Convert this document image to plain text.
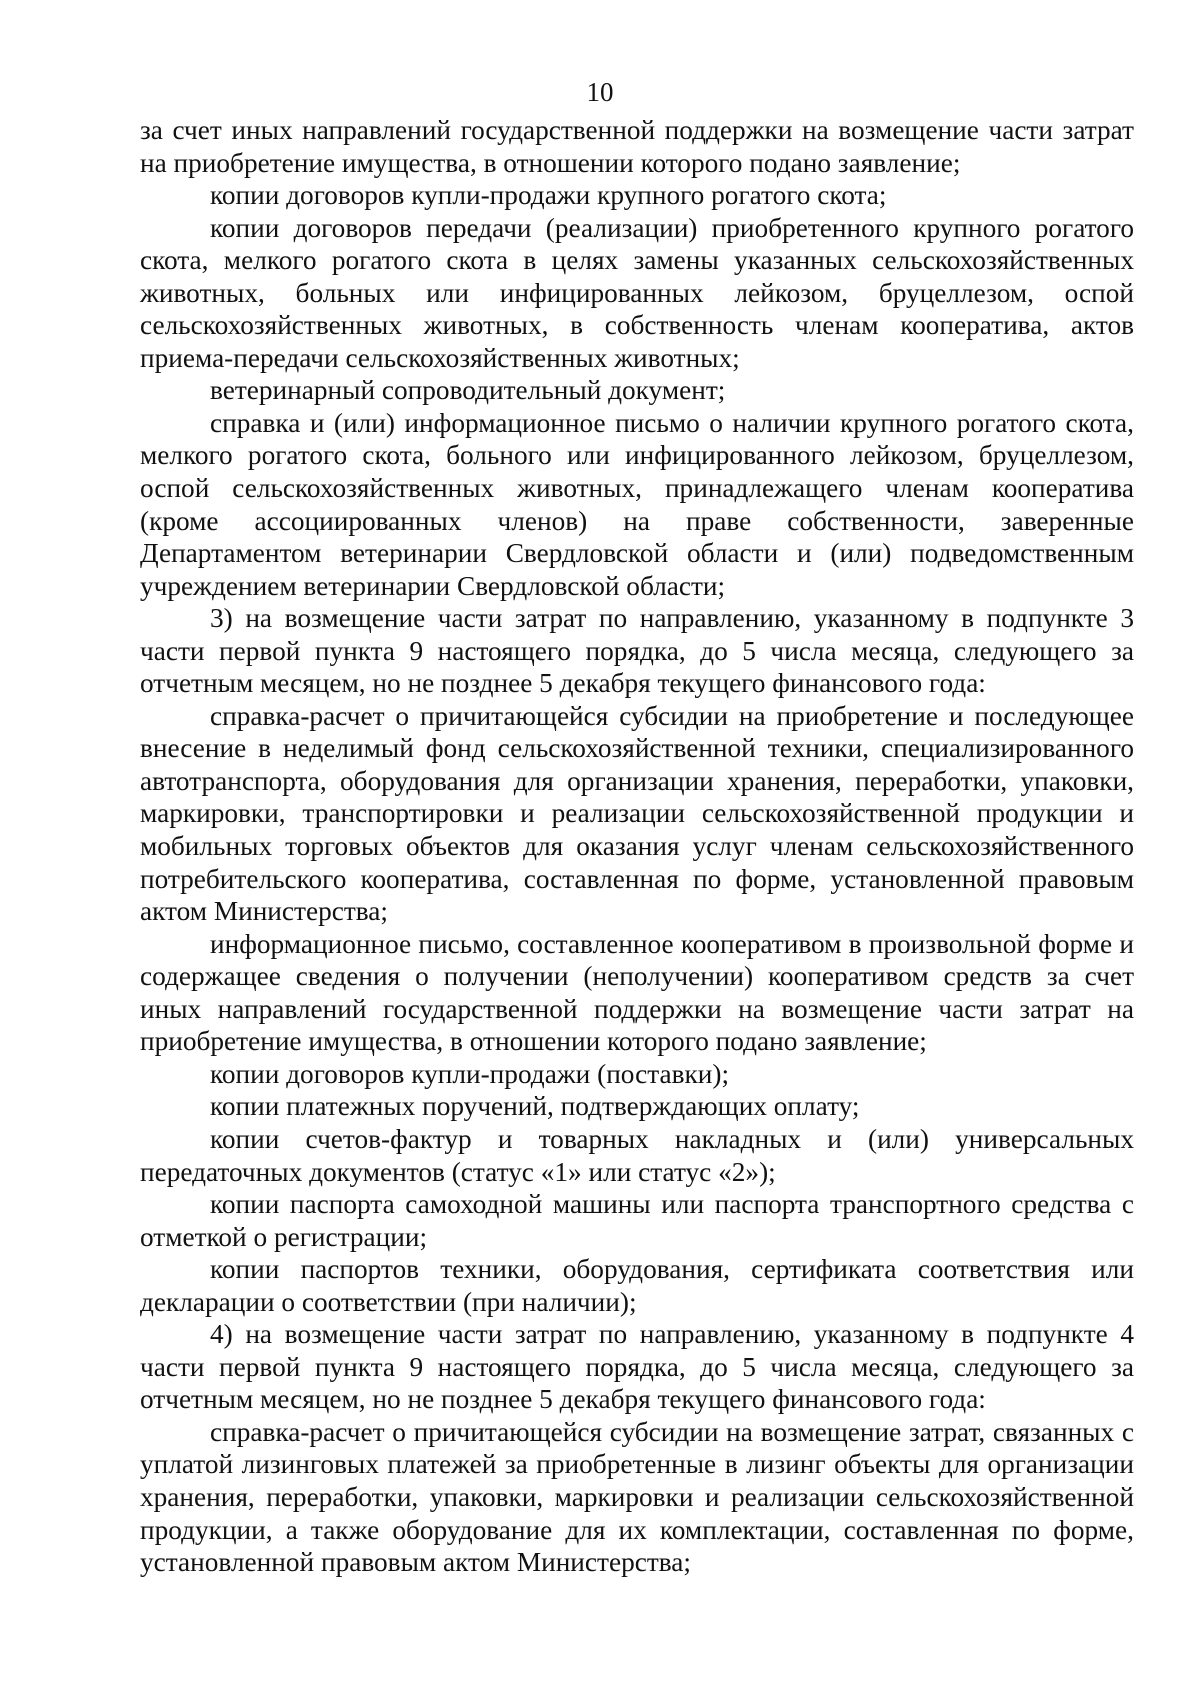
10

за счет иных направлений государственной поддержки на возмещение части затрат на приобретение имущества, в отношении которого подано заявление;

копии договоров купли-продажи крупного рогатого скота;

копии договоров передачи (реализации) приобретенного крупного рогатого скота, мелкого рогатого скота в целях замены указанных сельскохозяйственных животных, больных или инфицированных лейкозом, бруцеллезом, оспой сельскохозяйственных животных, в собственность членам кооператива, актов приема-передачи сельскохозяйственных животных;

ветеринарный сопроводительный документ;

справка и (или) информационное письмо о наличии крупного рогатого скота, мелкого рогатого скота, больного или инфицированного лейкозом, бруцеллезом, оспой сельскохозяйственных животных, принадлежащего членам кооператива (кроме ассоциированных членов) на праве собственности, заверенные Департаментом ветеринарии Свердловской области и (или) подведомственным учреждением ветеринарии Свердловской области;

3) на возмещение части затрат по направлению, указанному в подпункте 3 части первой пункта 9 настоящего порядка, до 5 числа месяца, следующего за отчетным месяцем, но не позднее 5 декабря текущего финансового года:

справка-расчет о причитающейся субсидии на приобретение и последующее внесение в неделимый фонд сельскохозяйственной техники, специализированного автотранспорта, оборудования для организации хранения, переработки, упаковки, маркировки, транспортировки и реализации сельскохозяйственной продукции и мобильных торговых объектов для оказания услуг членам сельскохозяйственного потребительского кооператива, составленная по форме, установленной правовым актом Министерства;

информационное письмо, составленное кооперативом в произвольной форме и содержащее сведения о получении (неполучении) кооперативом средств за счет иных направлений государственной поддержки на возмещение части затрат на приобретение имущества, в отношении которого подано заявление;

копии договоров купли-продажи (поставки);

копии платежных поручений, подтверждающих оплату;

копии счетов-фактур и товарных накладных и (или) универсальных передаточных документов (статус «1» или статус «2»);

копии паспорта самоходной машины или паспорта транспортного средства с отметкой о регистрации;

копии паспортов техники, оборудования, сертификата соответствия или декларации о соответствии (при наличии);

4) на возмещение части затрат по направлению, указанному в подпункте 4 части первой пункта 9 настоящего порядка, до 5 числа месяца, следующего за отчетным месяцем, но не позднее 5 декабря текущего финансового года:

справка-расчет о причитающейся субсидии на возмещение затрат, связанных с уплатой лизинговых платежей за приобретенные в лизинг объекты для организации хранения, переработки, упаковки, маркировки и реализации сельскохозяйственной продукции, а также оборудование для их комплектации, составленная по форме, установленной правовым актом Министерства;
